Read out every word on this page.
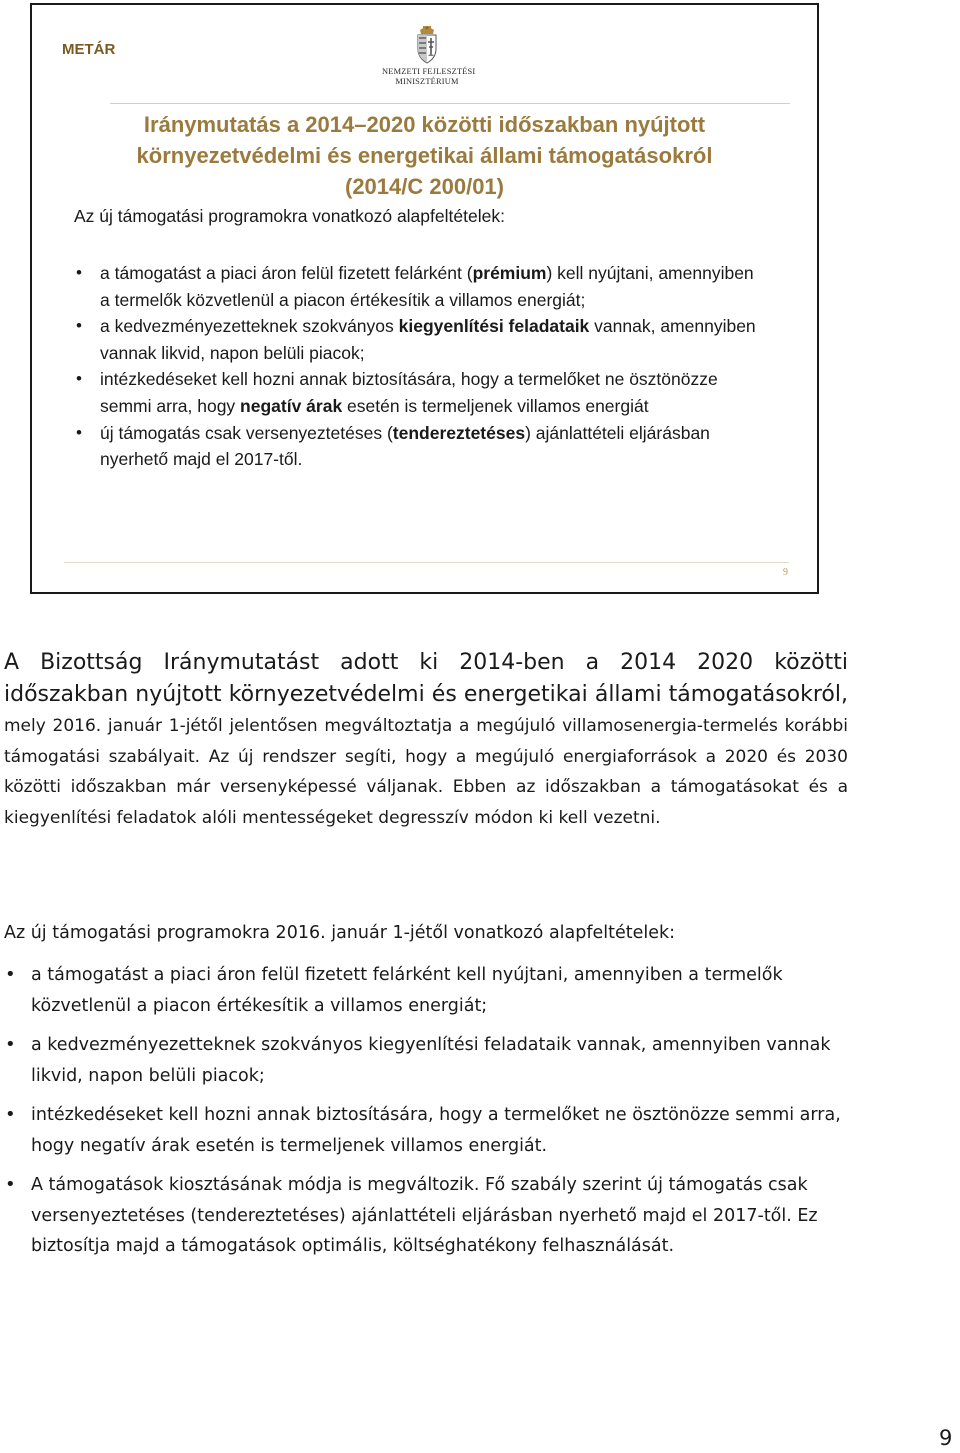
METÁR
NEMZETI FEJLESZTÉSI
MINISZTÉRIUM
Iránymutatás a 2014–2020 közötti időszakban nyújtott
környezetvédelmi és energetikai állami támogatásokról
(2014/C 200/01)
Az új támogatási programokra vonatkozó alapfeltételek:
• a támogatást a piaci áron felül fizetett felárként (prémium) kell nyújtani, amennyiben a termelők közvetlenül a piacon értékesítik a villamos energiát;
• a kedvezményezetteknek szokványos kiegyenlítési feladataik vannak, amennyiben vannak likvid, napon belüli piacok;
• intézkedéseket kell hozni annak biztosítására, hogy a termelőket ne ösztönözze semmi arra, hogy negatív árak esetén is termeljenek villamos energiát
• új támogatás csak versenyeztetéses (tendereztetéses) ajánlattételi eljárásban nyerhető majd el 2017-től.
9

A Bizottság Iránymutatást adott ki 2014-ben a 2014 2020 közötti időszakban nyújtott környezetvédelmi és energetikai állami támogatásokról, mely 2016. január 1-jétől jelentősen megváltoztatja a megújuló villamosenergia-termelés korábbi támogatási szabályait. Az új rendszer segíti, hogy a megújuló energiaforrások a 2020 és 2030 közötti időszakban már versenyképessé váljanak. Ebben az időszakban a támogatásokat és a kiegyenlítési feladatok alóli mentességeket degresszív módon ki kell vezetni.

Az új támogatási programokra 2016. január 1-jétől vonatkozó alapfeltételek:
• a támogatást a piaci áron felül fizetett felárként kell nyújtani, amennyiben a termelők közvetlenül a piacon értékesítik a villamos energiát;
• a kedvezményezetteknek szokványos kiegyenlítési feladataik vannak, amennyiben vannak likvid, napon belüli piacok;
• intézkedéseket kell hozni annak biztosítására, hogy a termelőket ne ösztönözze semmi arra, hogy negatív árak esetén is termeljenek villamos energiát.
• A támogatások kiosztásának módja is megváltozik. Fő szabály szerint új támogatás csak versenyeztetéses (tendereztetéses) ajánlattételi eljárásban nyerhető majd el 2017-től. Ez biztosítja majd a támogatások optimális, költséghatékony felhasználását.
9
